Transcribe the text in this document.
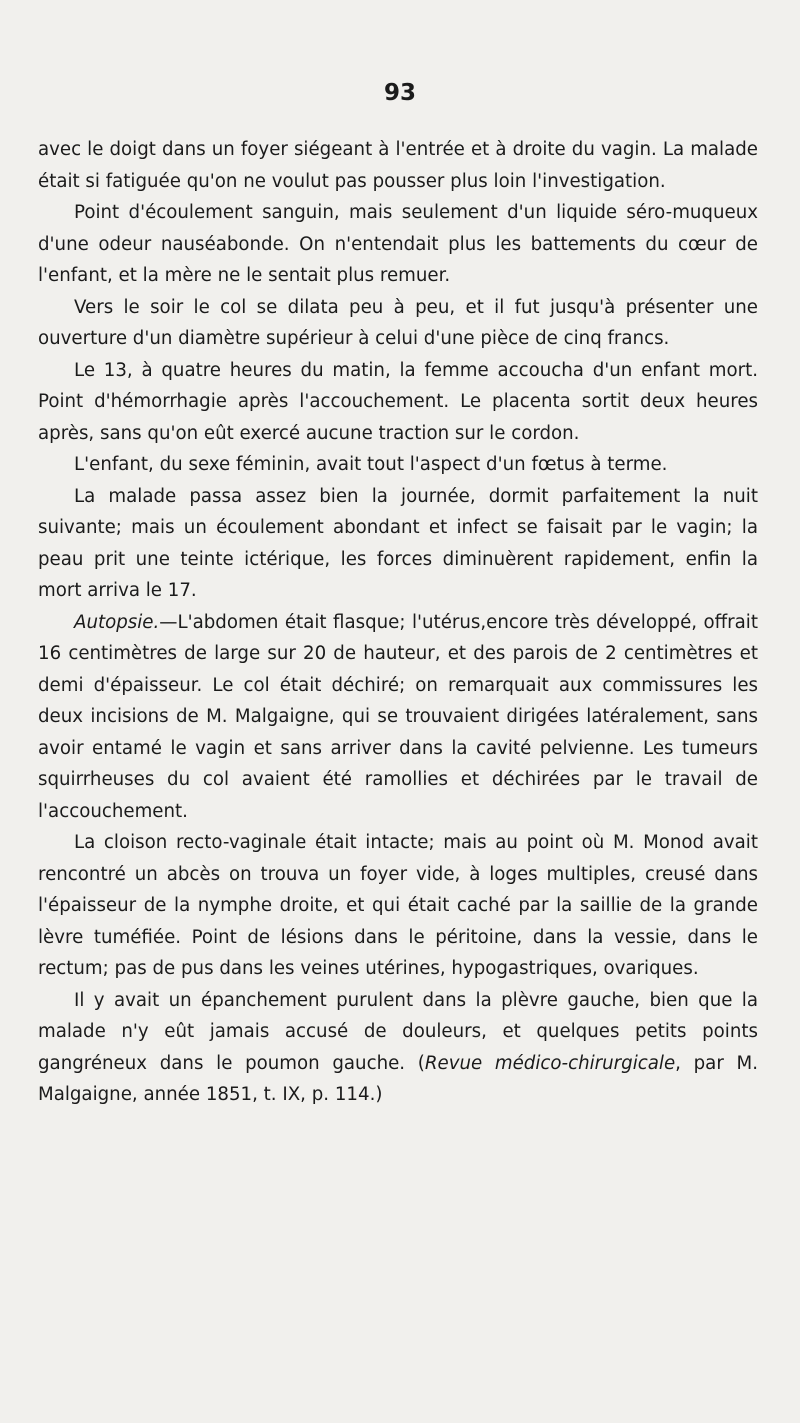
93

avec le doigt dans un foyer siégeant à l'entrée et à droite du vagin. La malade était si fatiguée qu'on ne voulut pas pousser plus loin l'investigation.

Point d'écoulement sanguin, mais seulement d'un liquide séro-muqueux d'une odeur nauséabonde. On n'entendait plus les battements du cœur de l'enfant, et la mère ne le sentait plus remuer.

Vers le soir le col se dilata peu à peu, et il fut jusqu'à présenter une ouverture d'un diamètre supérieur à celui d'une pièce de cinq francs.

Le 13, à quatre heures du matin, la femme accoucha d'un enfant mort. Point d'hémorrhagie après l'accouchement. Le placenta sortit deux heures après, sans qu'on eût exercé aucune traction sur le cordon.

L'enfant, du sexe féminin, avait tout l'aspect d'un fœtus à terme.

La malade passa assez bien la journée, dormit parfaitement la nuit suivante; mais un écoulement abondant et infect se faisait par le vagin; la peau prit une teinte ictérique, les forces diminuèrent rapidement, enfin la mort arriva le 17.

Autopsie.—L'abdomen était flasque; l'utérus,encore très développé, offrait 16 centimètres de large sur 20 de hauteur, et des parois de 2 centimètres et demi d'épaisseur. Le col était déchiré; on remarquait aux commissures les deux incisions de M. Malgaigne, qui se trouvaient dirigées latéralement, sans avoir entamé le vagin et sans arriver dans la cavité pelvienne. Les tumeurs squirrheuses du col avaient été ramollies et déchirées par le travail de l'accouchement.

La cloison recto-vaginale était intacte; mais au point où M. Monod avait rencontré un abcès on trouva un foyer vide, à loges multiples, creusé dans l'épaisseur de la nymphe droite, et qui était caché par la saillie de la grande lèvre tuméfiée. Point de lésions dans le péritoine, dans la vessie, dans le rectum; pas de pus dans les veines utérines, hypogastriques, ovariques.

Il y avait un épanchement purulent dans la plèvre gauche, bien que la malade n'y eût jamais accusé de douleurs, et quelques petits points gangréneux dans le poumon gauche. (Revue médico-chirurgicale, par M. Malgaigne, année 1851, t. IX, p. 114.)
